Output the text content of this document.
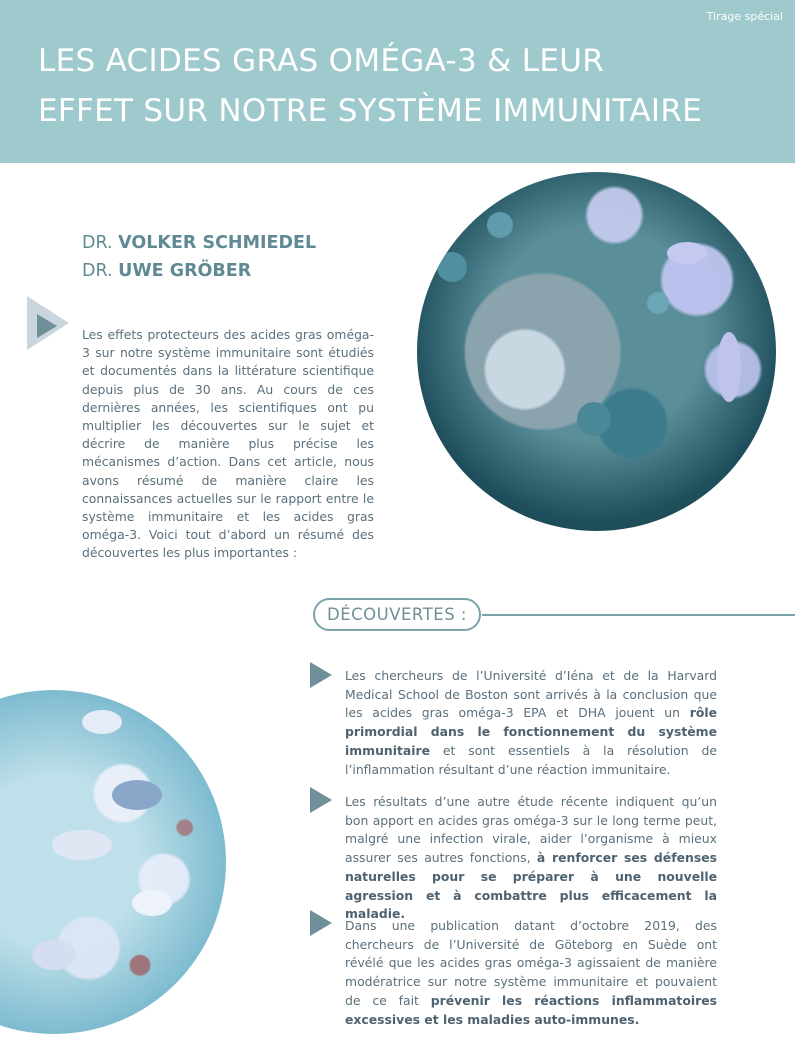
Tirage spécial
LES ACIDES GRAS OMÉGA-3 & LEUR
EFFET SUR NOTRE SYSTÈME IMMUNITAIRE
DR. VOLKER SCHMIEDEL
DR. UWE GRÖBER
Les effets protecteurs des acides gras oméga-3 sur notre système immunitaire sont étudiés et documentés dans la littérature scientifique depuis plus de 30 ans. Au cours de ces dernières années, les scientifiques ont pu multiplier les découvertes sur le sujet et décrire de manière plus précise les mécanismes d’action. Dans cet article, nous avons résumé de manière claire les connaissances actuelles sur le rapport entre le système immunitaire et les acides gras oméga-3. Voici tout d’abord un résumé des découvertes les plus importantes :
DÉCOUVERTES :
Les chercheurs de l’Université d’Iéna et de la Harvard Medical School de Boston sont arrivés à la conclusion que les acides gras oméga-3 EPA et DHA jouent un rôle primordial dans le fonctionnement du système immunitaire et sont essentiels à la résolution de l’inflammation résultant d’une réaction immunitaire.
Les résultats d’une autre étude récente indiquent qu’un bon apport en acides gras oméga-3 sur le long terme peut, malgré une infection virale, aider l’organisme à mieux assurer ses autres fonctions, à renforcer ses défenses naturelles pour se préparer à une nouvelle agression et à combattre plus efficacement la maladie.
Dans une publication datant d’octobre 2019, des chercheurs de l’Université de Göteborg en Suède ont révélé que les acides gras oméga-3 agissaient de manière modératrice sur notre système immunitaire et pouvaient de ce fait prévenir les réactions inflammatoires excessives et les maladies auto-immunes.
